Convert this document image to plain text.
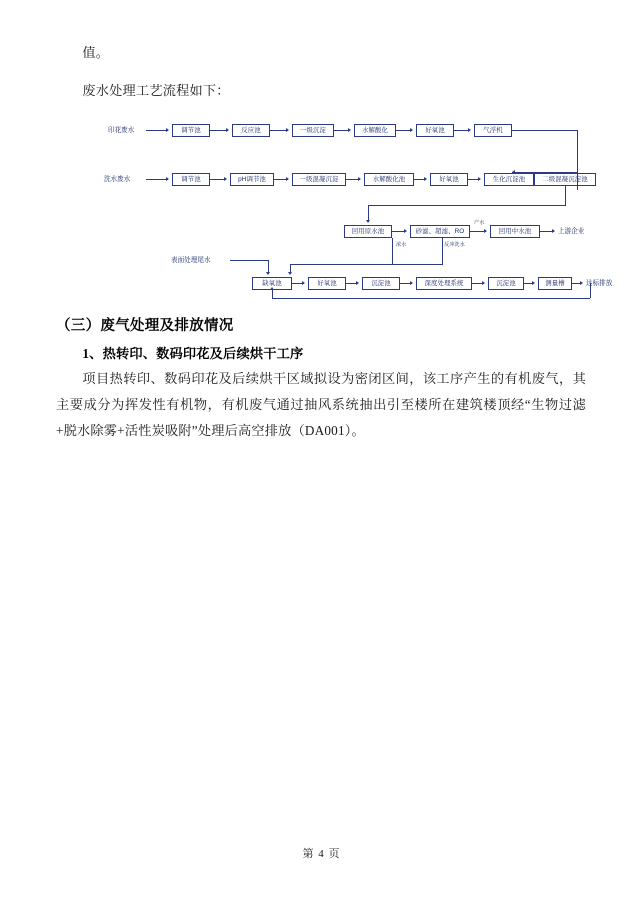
值。

废水处理工艺流程如下：

印花废水	调节池	反应池	一级沉淀	水解酸化	好氧池	气浮机
洗水废水	调节池	pH调节池	一级混凝沉淀	水解酸化池	好氧池	生化沉淀池	二级混凝沉淀池
回用原水池	砂滤、超滤、RO
产水
回用中水池	上游企业
浓水	反冲洗水
表面处理尾水
缺氧池	好氧池	沉淀池	深度处理系统	沉淀池	测量槽	达标排放
（三）废气处理及排放情况

1、热转印、数码印花及后续烘干工序

项目热转印、数码印花及后续烘干区域拟设为密闭区间，该工序产生的有机废气，其主要成分为挥发性有机物，有机废气通过抽风系统抽出引至楼所在建筑楼顶经“生物过滤+脱水除雾+活性炭吸附”处理后高空排放（DA001）。

第 4 页
